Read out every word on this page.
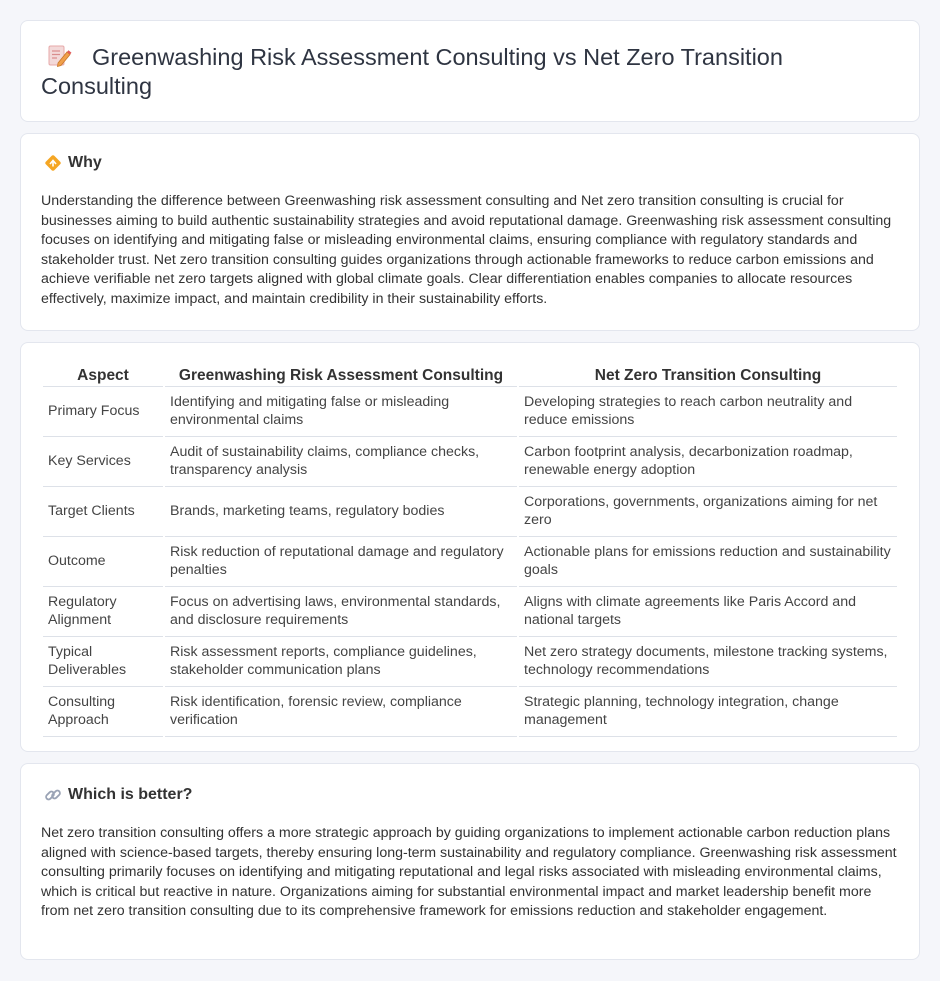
Greenwashing Risk Assessment Consulting vs Net Zero Transition Consulting
Why

Understanding the difference between Greenwashing risk assessment consulting and Net zero transition consulting is crucial for businesses aiming to build authentic sustainability strategies and avoid reputational damage. Greenwashing risk assessment consulting focuses on identifying and mitigating false or misleading environmental claims, ensuring compliance with regulatory standards and stakeholder trust. Net zero transition consulting guides organizations through actionable frameworks to reduce carbon emissions and achieve verifiable net zero targets aligned with global climate goals. Clear differentiation enables companies to allocate resources effectively, maximize impact, and maintain credibility in their sustainability efforts.

Aspect	Greenwashing Risk Assessment Consulting	Net Zero Transition Consulting
Primary Focus	Identifying and mitigating false or misleading environmental claims	Developing strategies to reach carbon neutrality and reduce emissions
Key Services	Audit of sustainability claims, compliance checks, transparency analysis	Carbon footprint analysis, decarbonization roadmap, renewable energy adoption
Target Clients	Brands, marketing teams, regulatory bodies	Corporations, governments, organizations aiming for net zero
Outcome	Risk reduction of reputational damage and regulatory penalties	Actionable plans for emissions reduction and sustainability goals
Regulatory Alignment	Focus on advertising laws, environmental standards, and disclosure requirements	Aligns with climate agreements like Paris Accord and national targets
Typical Deliverables	Risk assessment reports, compliance guidelines, stakeholder communication plans	Net zero strategy documents, milestone tracking systems, technology recommendations
Consulting Approach	Risk identification, forensic review, compliance verification	Strategic planning, technology integration, change management
Which is better?

Net zero transition consulting offers a more strategic approach by guiding organizations to implement actionable carbon reduction plans aligned with science-based targets, thereby ensuring long-term sustainability and regulatory compliance. Greenwashing risk assessment consulting primarily focuses on identifying and mitigating reputational and legal risks associated with misleading environmental claims, which is critical but reactive in nature. Organizations aiming for substantial environmental impact and market leadership benefit more from net zero transition consulting due to its comprehensive framework for emissions reduction and stakeholder engagement.
